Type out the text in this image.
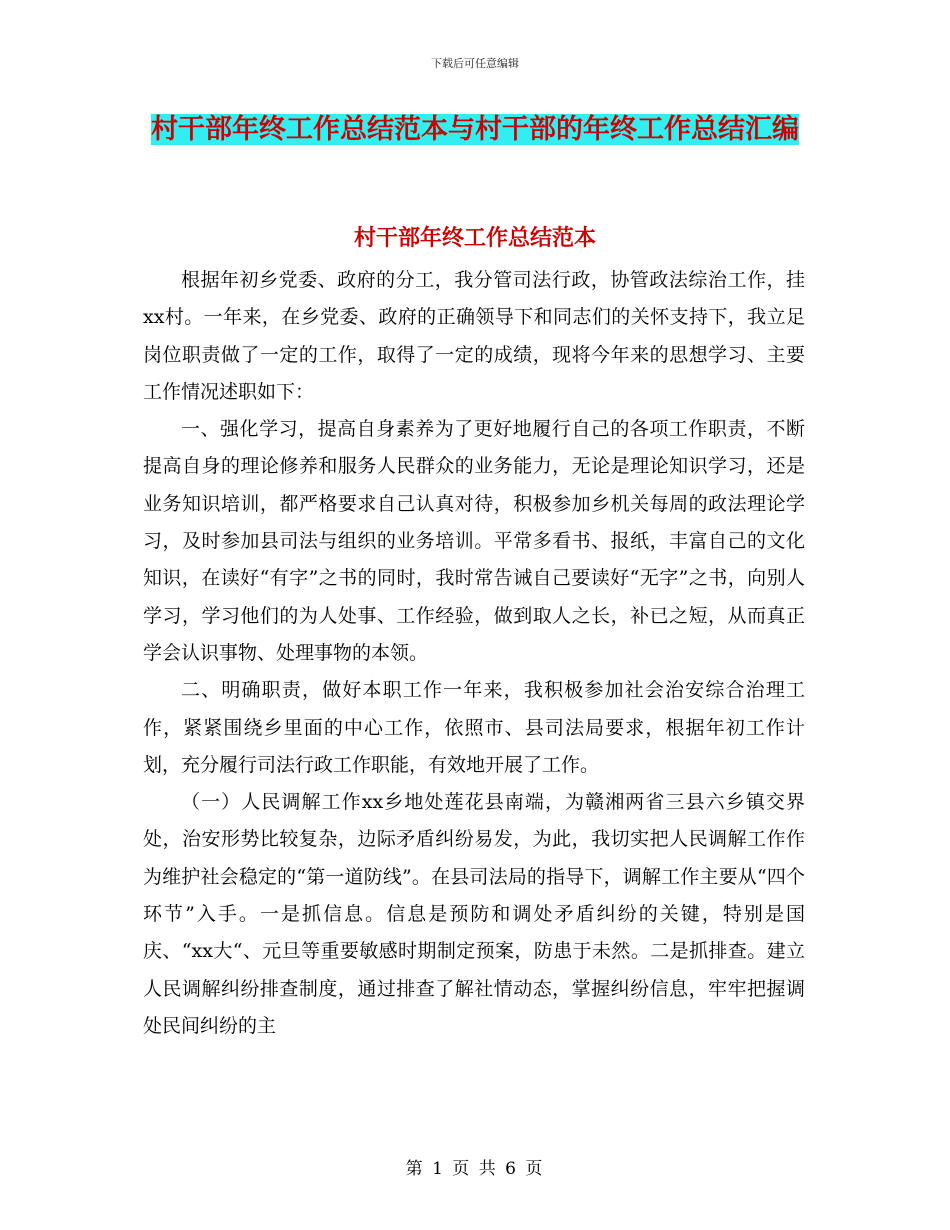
下载后可任意编辑
村干部年终工作总结范本与村干部的年终工作总结汇编
村干部年终工作总结范本

根据年初乡党委、政府的分工，我分管司法行政，协管政法综治工作，挂xx村。一年来，在乡党委、政府的正确领导下和同志们的关怀支持下，我立足岗位职责做了一定的工作，取得了一定的成绩，现将今年来的思想学习、主要工作情况述职如下：

一、强化学习，提高自身素养为了更好地履行自己的各项工作职责，不断提高自身的理论修养和服务人民群众的业务能力，无论是理论知识学习，还是业务知识培训，都严格要求自己认真对待，积极参加乡机关每周的政法理论学习，及时参加县司法与组织的业务培训。平常多看书、报纸，丰富自己的文化知识，在读好“有字”之书的同时，我时常告诫自己要读好“无字”之书，向别人学习，学习他们的为人处事、工作经验，做到取人之长，补已之短，从而真正学会认识事物、处理事物的本领。

二、明确职责，做好本职工作一年来，我积极参加社会治安综合治理工作，紧紧围绕乡里面的中心工作，依照市、县司法局要求，根据年初工作计划，充分履行司法行政工作职能，有效地开展了工作。

（一）人民调解工作xx乡地处莲花县南端，为赣湘两省三县六乡镇交界处，治安形势比较复杂，边际矛盾纠纷易发，为此，我切实把人民调解工作作为维护社会稳定的“第一道防线”。在县司法局的指导下，调解工作主要从“四个环节”入手。一是抓信息。信息是预防和调处矛盾纠纷的关键，特别是国庆、“xx大“、元旦等重要敏感时期制定预案，防患于未然。二是抓排查。建立人民调解纠纷排查制度，通过排查了解社情动态，掌握纠纷信息，牢牢把握调处民间纠纷的主

第 1 页 共 6 页
